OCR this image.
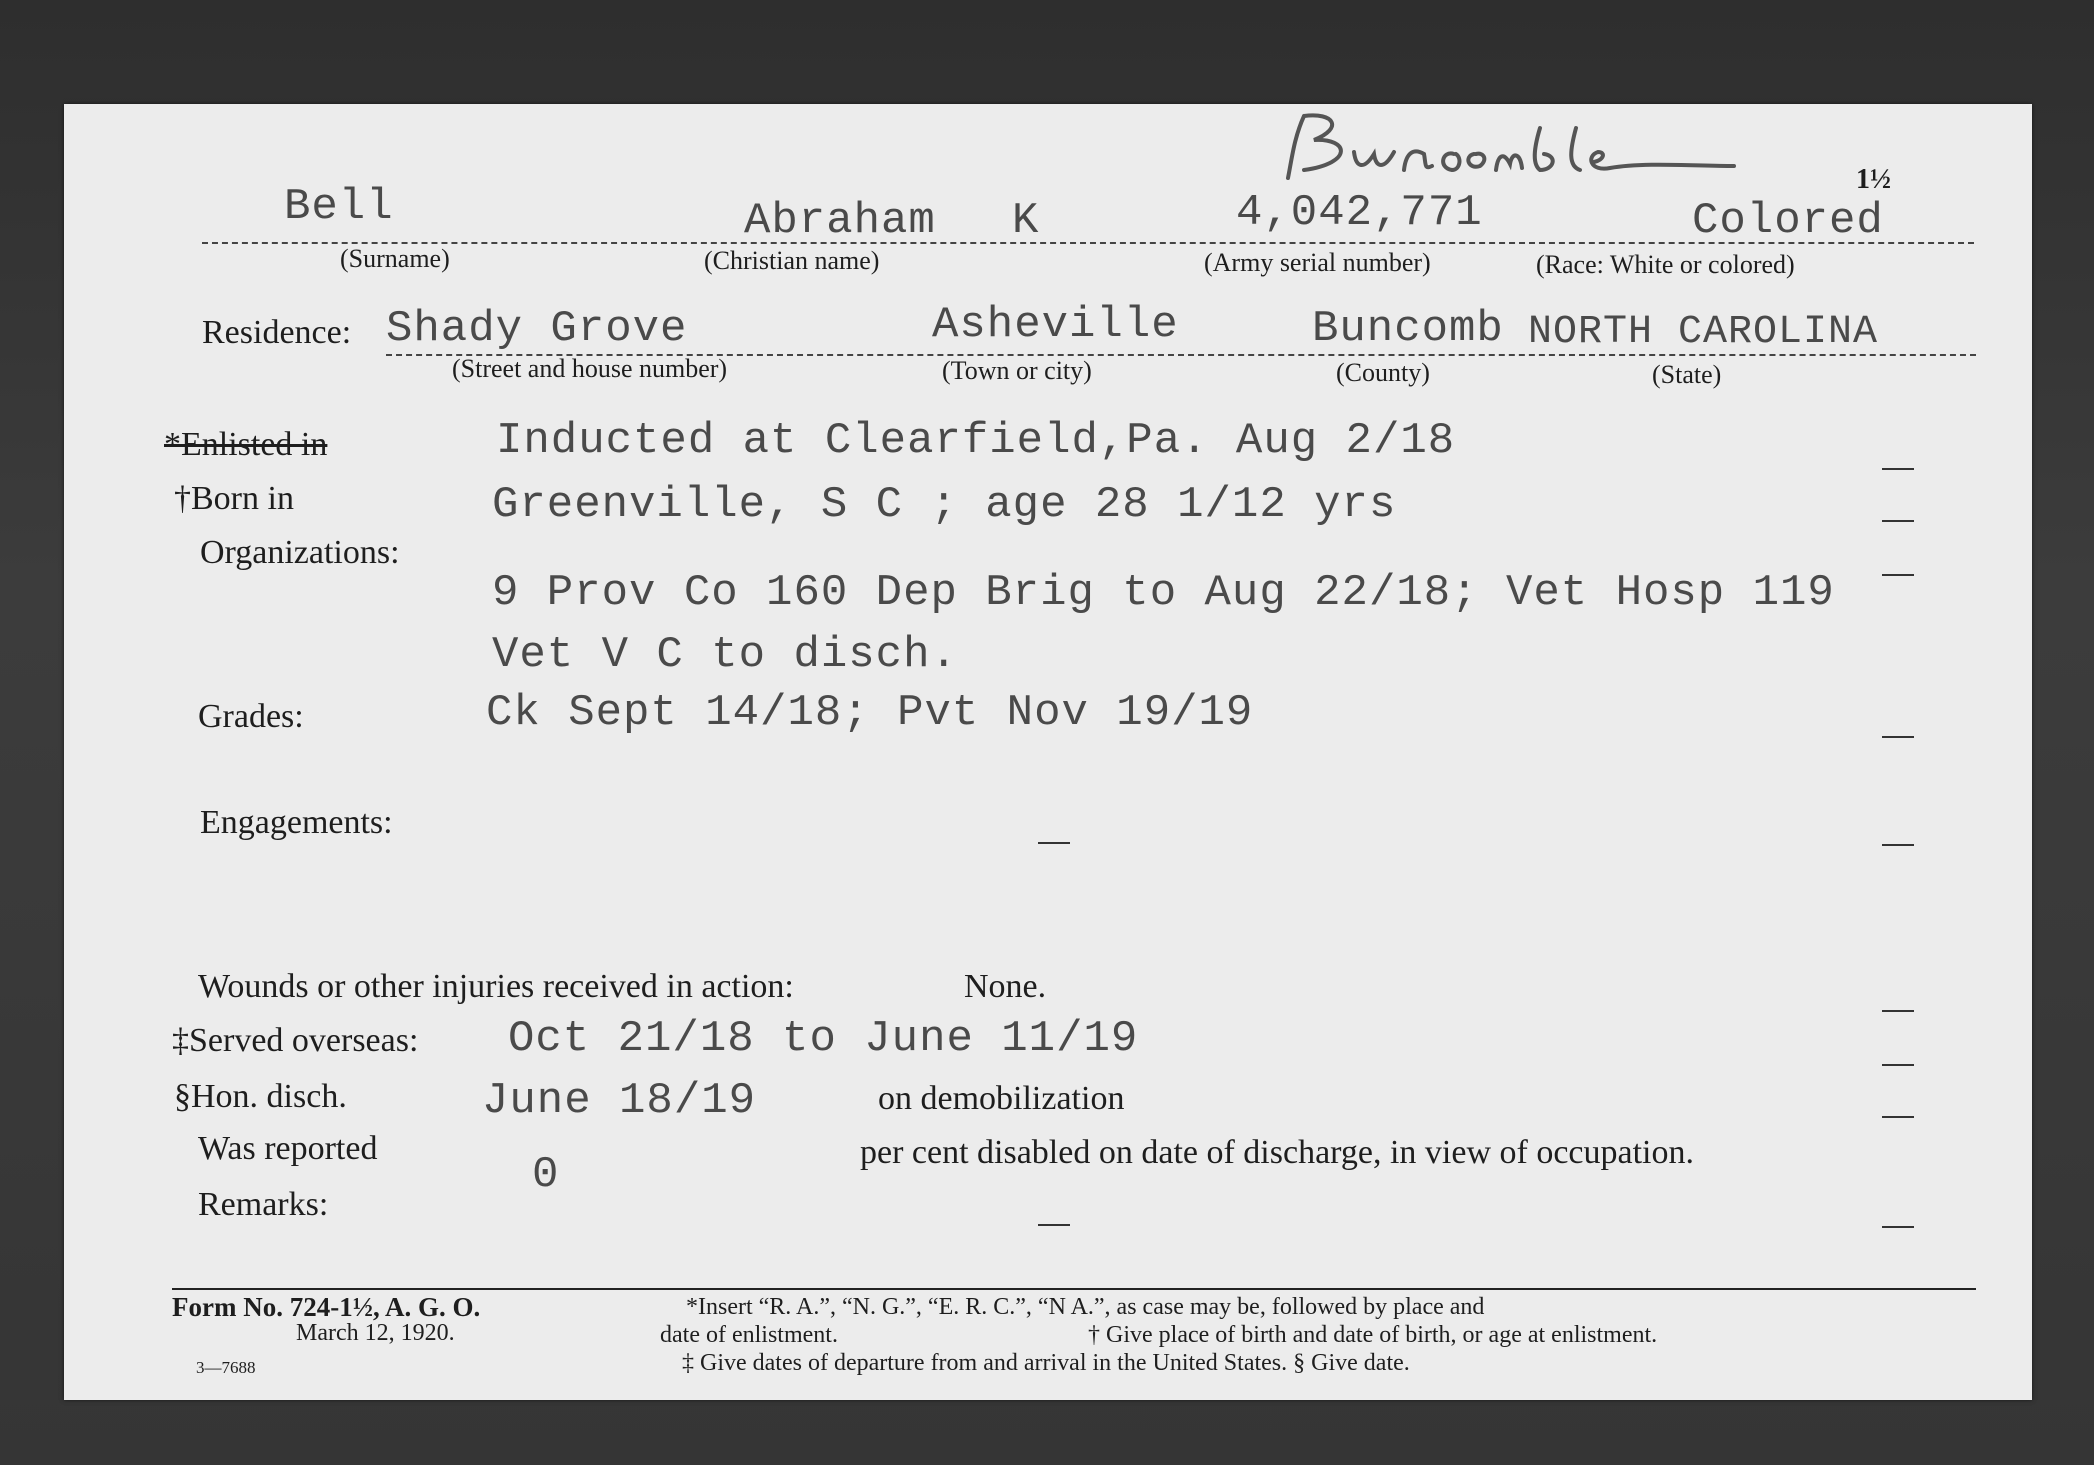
1½
Bell	Abraham K	4,042,771	Colored
(Surname)	(Christian name)	(Army serial number)	(Race: White or colored)
Residence: Shady Grove	Asheville	Buncomb NORTH CAROLINA
(Street and house number)	(Town or city)	(County)	(State)
*Enlisted in	Inducted at Clearfield,Pa. Aug 2/18
†Born in	Greenville, S C ; age 28 1/12 yrs
Organizations:
9 Prov Co 160 Dep Brig to Aug 22/18; Vet Hosp 119
Vet V C to disch.
Grades:	Ck Sept 14/18; Pvt Nov 19/19
Engagements:
Wounds or other injuries received in action:	None.
‡Served overseas: Oct 21/18 to June 11/19
§Hon. disch.	June 18/19	on demobilization
Was reported
0	per cent disabled on date of discharge, in view of occupation.
Remarks:
Form No. 724-1½, A. G. O.
March 12, 1920.
3—7688
*Insert “R. A.”, “N. G.”, “E. R. C.”, “N A.”, as case may be, followed by place and
date of enlistment.	† Give place of birth and date of birth, or age at enlistment.
‡ Give dates of departure from and arrival in the United States. § Give date.
